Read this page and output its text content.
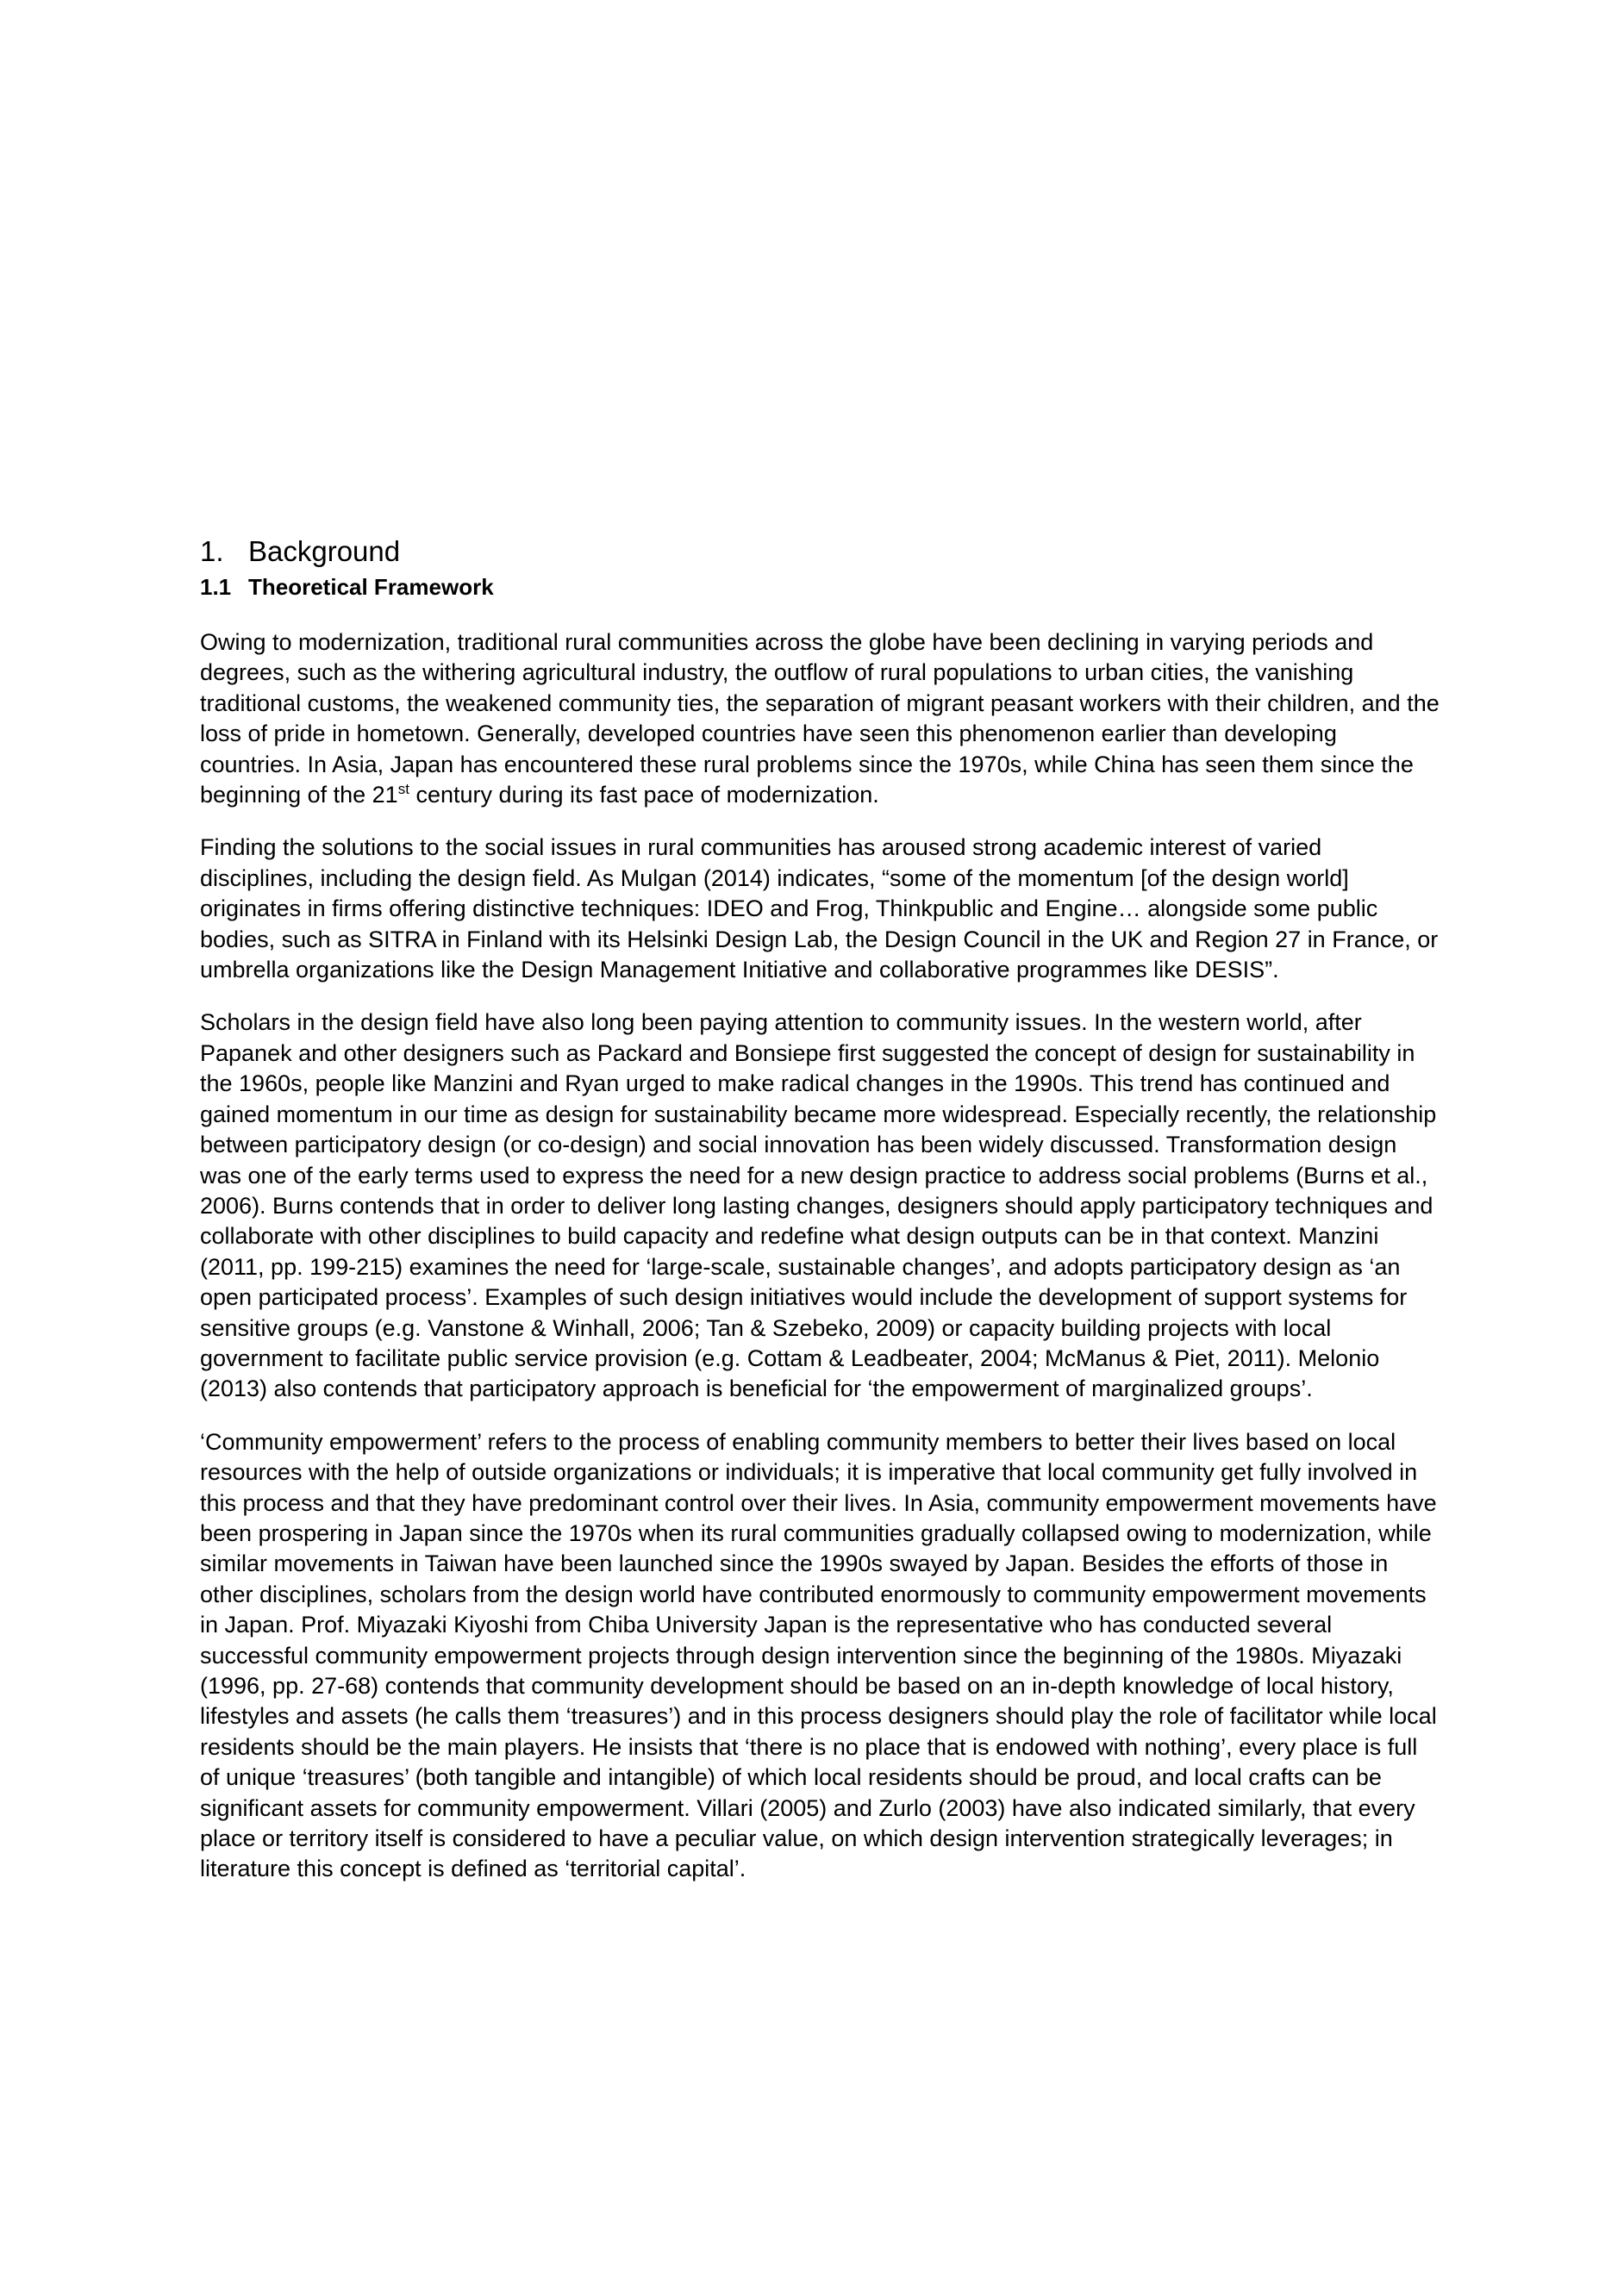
1. Background
1.1 Theoretical Framework

Owing to modernization, traditional rural communities across the globe have been declining in varying periods and degrees, such as the withering agricultural industry, the outflow of rural populations to urban cities, the vanishing traditional customs, the weakened community ties, the separation of migrant peasant workers with their children, and the loss of pride in hometown. Generally, developed countries have seen this phenomenon earlier than developing countries. In Asia, Japan has encountered these rural problems since the 1970s, while China has seen them since the beginning of the 21st century during its fast pace of modernization.

Finding the solutions to the social issues in rural communities has aroused strong academic interest of varied disciplines, including the design field. As Mulgan (2014) indicates, “some of the momentum [of the design world] originates in firms offering distinctive techniques: IDEO and Frog, Thinkpublic and Engine… alongside some public bodies, such as SITRA in Finland with its Helsinki Design Lab, the Design Council in the UK and Region 27 in France, or umbrella organizations like the Design Management Initiative and collaborative programmes like DESIS”.

Scholars in the design field have also long been paying attention to community issues. In the western world, after Papanek and other designers such as Packard and Bonsiepe first suggested the concept of design for sustainability in the 1960s, people like Manzini and Ryan urged to make radical changes in the 1990s. This trend has continued and gained momentum in our time as design for sustainability became more widespread. Especially recently, the relationship between participatory design (or co-design) and social innovation has been widely discussed. Transformation design was one of the early terms used to express the need for a new design practice to address social problems (Burns et al., 2006). Burns contends that in order to deliver long lasting changes, designers should apply participatory techniques and collaborate with other disciplines to build capacity and redefine what design outputs can be in that context. Manzini (2011, pp. 199-215) examines the need for ‘large-scale, sustainable changes’, and adopts participatory design as ‘an open participated process’. Examples of such design initiatives would include the development of support systems for sensitive groups (e.g. Vanstone & Winhall, 2006; Tan & Szebeko, 2009) or capacity building projects with local government to facilitate public service provision (e.g. Cottam & Leadbeater, 2004; McManus & Piet, 2011). Melonio (2013) also contends that participatory approach is beneficial for ‘the empowerment of marginalized groups’.

‘Community empowerment’ refers to the process of enabling community members to better their lives based on local resources with the help of outside organizations or individuals; it is imperative that local community get fully involved in this process and that they have predominant control over their lives. In Asia, community empowerment movements have been prospering in Japan since the 1970s when its rural communities gradually collapsed owing to modernization, while similar movements in Taiwan have been launched since the 1990s swayed by Japan. Besides the efforts of those in other disciplines, scholars from the design world have contributed enormously to community empowerment movements in Japan. Prof. Miyazaki Kiyoshi from Chiba University Japan is the representative who has conducted several successful community empowerment projects through design intervention since the beginning of the 1980s. Miyazaki (1996, pp. 27-68) contends that community development should be based on an in-depth knowledge of local history, lifestyles and assets (he calls them ‘treasures’) and in this process designers should play the role of facilitator while local residents should be the main players. He insists that ‘there is no place that is endowed with nothing’, every place is full of unique ‘treasures’ (both tangible and intangible) of which local residents should be proud, and local crafts can be significant assets for community empowerment. Villari (2005) and Zurlo (2003) have also indicated similarly, that every place or territory itself is considered to have a peculiar value, on which design intervention strategically leverages; in literature this concept is defined as ‘territorial capital’.
